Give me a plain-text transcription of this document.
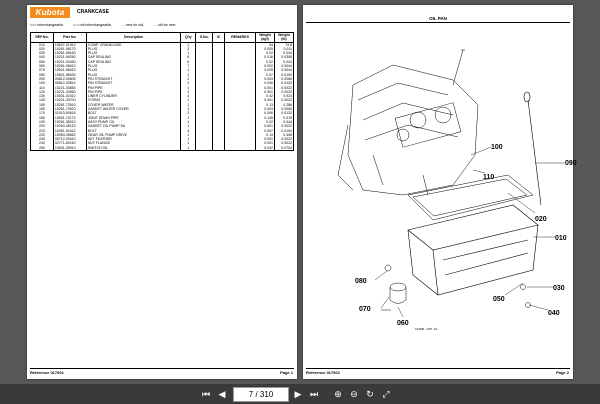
Kubota	CRANKCASE
<=> Interchangeable.	<-> not interchangeable,	→ new for old,	← old for new
REF.No.	Part No.	Description	Q'ty	S.No.	IC	REMARKS	Weight (kgf)	Weight (lb)
010	15637-01910	COMP. CRANKCASE	1				54	74.8
020	15261-96170	PLUG	3				0.005	0.011
030	15261-96160	PLUG	1				0.02	0.044
040	15221-96260	CAP SEALING	6				0.016	0.0308
050	15221-03490	CAP SEALING	5				0.02	0.044
060	15261-96610	PLUG	7				0.002	0.0044
070	15521-96020	PLUG	1				0.005	0.0044
080	15521-96030	PLUG	1				0.07	0.0154
090	05812-00605	PIN STRAIGHT	2				0.003	0.0066
100	05812-00814	PIN STRAIGHT	2				0.006	0.0132
110	15221-33650	PIN PIPE	1				0.001	0.0022
120	15221-33960	PIN PIPE	2				0.001	0.0022
130	15531-02310	LINER CYLINDER	4				0.42	0.924
140	15221-33700	O RING	1				0.001	0.0022
150	15261-73910	COVER WATER	1				0.13	0.286
160	15261-73920	GASKET WATER COVER	1				0.003	0.0066
170	01023-50618	BOLT	2				0.006	0.0132
180	15531-73170	JOINT DRAIN PIPE	1				0.145	0.319
190	15261-35010	ASSY PUMP OIL	1				0.02	0.044
200	15263-35120	GASKET OIL PUMP SA	1				0.001	0.0022
210	15261-91612	BOLT	4				0.007	0.0154
220	15954-35662	GEAR OIL PUMP DRIVE	1				0.14	0.308
230	05712-00410	KEY FEATHER	1				0.001	0.0022
240	02771-60160	NUT FLANGE	1				0.001	0.0022
250	15531-39910	SWITCH OIL	1				0.032	0.0704
Reference 017001	Page 1
OIL PAN
090
100
110
020
010
080
030
050
040
070
060
15A0B - D07 -10
Reference 017002	Page 2
⏮ ◀	7 / 310	▶ ⏭ ⊕ ⊖ ↻ ⤢
